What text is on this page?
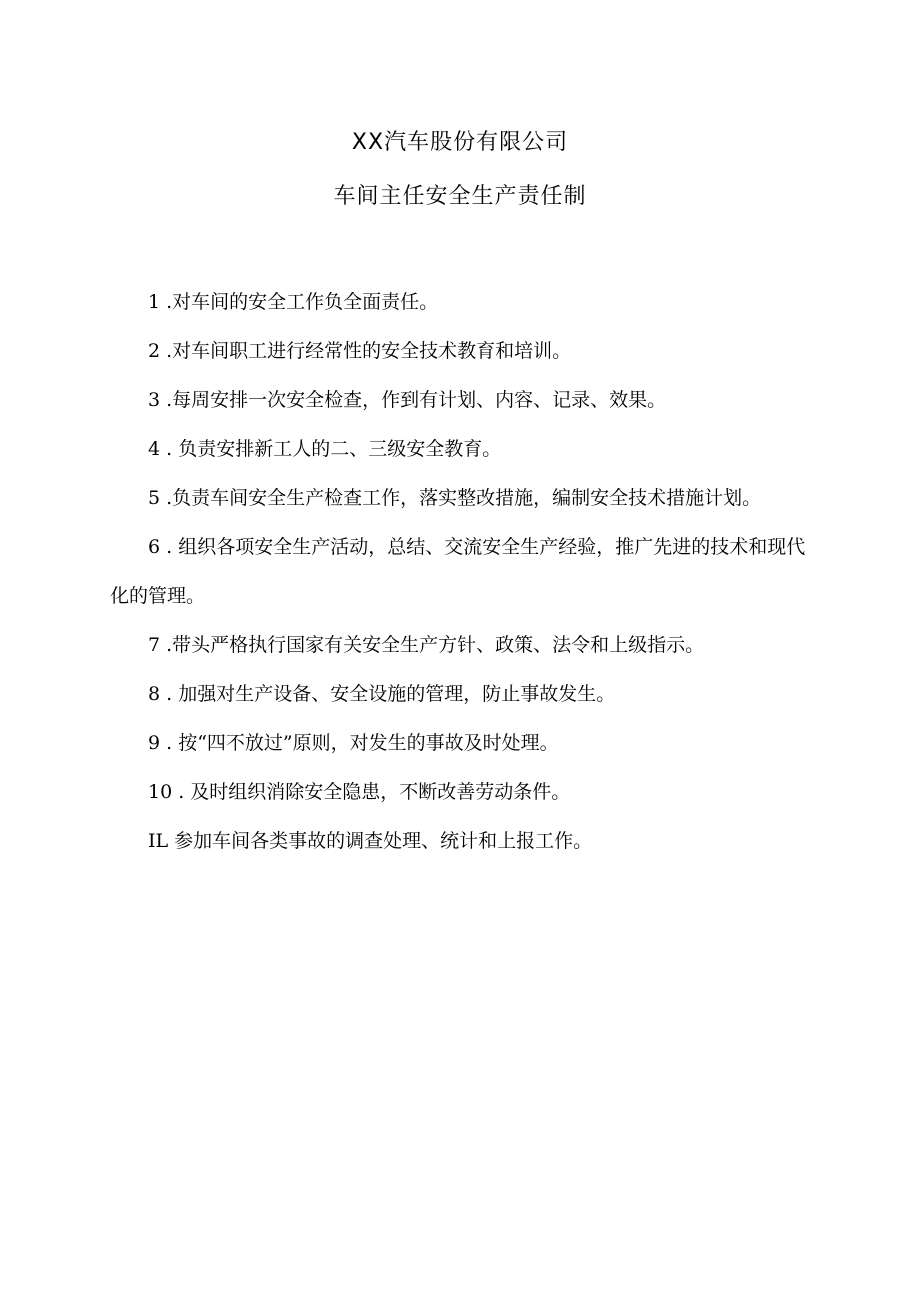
XX汽车股份有限公司
车间主任安全生产责任制

1 .对车间的安全工作负全面责任。

2 .对车间职工进行经常性的安全技术教育和培训。

3 .每周安排一次安全检查，作到有计划、内容、记录、效果。

4 . 负责安排新工人的二、三级安全教育。

5 .负责车间安全生产检查工作，落实整改措施，编制安全技术措施计划。

6 . 组织各项安全生产活动，总结、交流安全生产经验，推广先进的技术和现代化的管理。

7 .带头严格执行国家有关安全生产方针、政策、法令和上级指示。

8 . 加强对生产设备、安全设施的管理，防止事故发生。

9 . 按“四不放过”原则，对发生的事故及时处理。

10 . 及时组织消除安全隐患，不断改善劳动条件。

IL 参加车间各类事故的调查处理、统计和上报工作。
